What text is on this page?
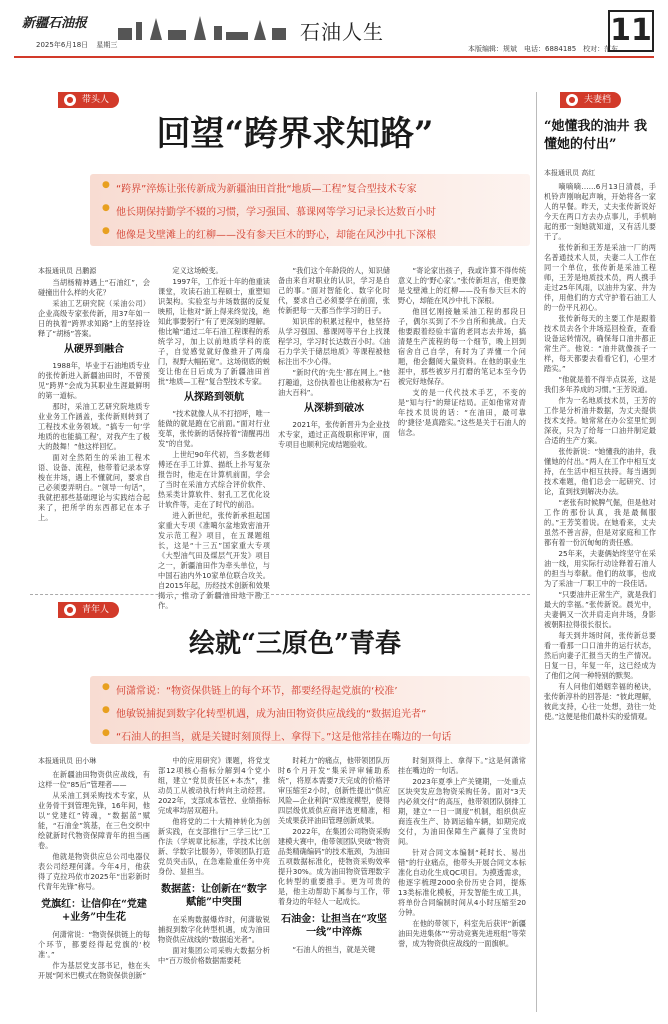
新疆石油报
2025年6月18日 星期三
石油人生
本版编辑：规斌　电话：6884185　校对：范东
11
● 带头人
回望“跨界求知路”
● “跨界”淬炼让张传新成为新疆油田首批“地质—工程”复合型技术专家
● 他长期保持勤学不辍的习惯，学习强国、慕课网等学习记录长达数百小时
● 他像是戈壁滩上的红柳——没有参天巨木的野心，却能在风沙中扎下深根
本报通讯员 吕鹏源

当胡杨精神遇上“石油红”，会碰撞出什么样的火花？

采油工艺研究院（采油公司）企业高级专家张传新，用37年如一日的执着“跨界求知路”上的坚持诠释了“胡杨”答案。

从硬界到融合

1988年，毕业于石油地质专业的张传新进入新疆油田时，不曾预见“跨界”会成为其职业生涯最鲜明的第一道标。

那时，采油工艺研究院地质专业业务工作涵盖，张传新则转到了工程技术业务领域。“搞专一句‘学地质的也能搞工程’，对我产生了极大的鼓舞！”他这样回忆。

面对全然陌生的采油工程术语、设备、流程，他带着记录本穿梭在井场，遇上不懂就问，要求自己必须要弄明白。“领导一句话”，我就把那些基础理论与实践结合起来了，把所学的东西都记在本子上。

定义这场蜕变。

1997年，工作近十年的他重读课堂，攻读石油工程硕士，重塑知识架构。实验室与井场数据的反复映照，让他对“新上得来终觉浅，绝知此事要躬行”有了更深刻的理解。他比喻“通过二年石油工程课程的系统学习，加上以前地质学科的底子，自觉感觉就好像推开了两扇门，视野大幅拓宽”。这场彻底的蜕变让他在日后成为了新疆油田首批“地质—工程”复合型技术专家。

从探路到领航

“技术就像人从不打招呼，唯一能做的就是跑在它前面。”面对行业变革，张传新的话保持着“清醒再出发”的自觉。

上世纪90年代初，当多数老师傅还在手工计算、描纸上扑写复杂报告时，他走在计算机前面，学会了当时在采油方式综合评价软件、热采类计算软件、射孔工艺优化设计软件等，走在了时代的前沿。

进入新世纪，张传新承担起国家重大专项《准噶尔盆地致密油开发示范工程》项目，在五课题组长，这是“十三五”国家重大专项《大型油气田及煤层气开发》项目之一，新疆油田作为牵头单位，与中国石油内外10家单位联合攻关。自2015年起，历经技术创新和效果揭示，推动了新疆油田地下勘工作。

“我们这个年龄段的人，知识储备由来自对职业的认识，学习是自己的事。”面对智能化、数字化时代，要求自己必须要学在前面，张传新把每一天都当作学习的日子。

知识库的积累过程中，他坚持从学习强国、慕课网等平台上找课程学习，学习时长达数百小时。《油石力学关于储层地质》等课程被他标注出不少心得。

“新时代的‘先生’都在网上。”他打趣道，这份执着也让他被称为“石油大百科”。

从深耕到破冰

2021年，张传新晋升为企业技术专家，通过正高级职称评审，面专项目也顺利完成结题验收。

“寄论家出孩子，我或许算不得传统意义上的‘野心家’。”张传新坦言，他更像是戈壁滩上的红柳——没有参天巨木的野心，却能在风沙中扎下深根。

他回忆刚接触采油工程的那段日子，偶尔买到了不少自所和挑战。白天他要跟着经验丰富的老同志去井场，搞清楚生产流程的每一个细节，晚上回到宿舍自己自学，有时为了弄懂一个问题，他会翻阅大量资料。在他的职业生涯中，那些被岁月打磨的笔记本至今仍被完好地保存。

支的是一代代技术手艺，不变的是“知与行”的辩证结局。正如他常对青年技术员说的话：“在油田，最可靠的‘捷径’是真踏实。”这些是关于石油人的信念。

● 青年人
绘就“三原色”青春
● 何潇常说：“物资保供链上的每个环节，都要经得起党旗的‘校准’
● 他敏锐捕捉到数字化转型机遇，成为油田物资供应战线的“数据追光者”
● “石油人的担当，就是关键时刻顶得上、拿得下。”这是他常挂在嘴边的一句话
本报通讯员 田小琳

在新疆油田物资供应战线，有这样一位“85后”管理者——

从采油工到采购技术专家，从业务骨干到管理先锋，16年间，他以“党建红”铸魂，“数据蓝”赋能，“石油金”筑基，在三色交织中绘就新时代物资保障青年的担当画卷。

他就是物资供应总公司电器仪表公司经理何潇。今年4月，他获得了克拉玛依市2025年“出彩新时代青年先锋”称号。

党旗红：让信仰在“党建+业务”中生花

何潇常说：“物资保供链上的每个环节，都要经得起党旗的‘校准’。”

作为基层党支部书记，他在头开展“阿米巴模式在物资保供创新”

中的应用研究》课题，将党支部12项核心指标分解到4个党小组，建立“党员责任区+本杰”，推动员工从被动执行转向主动经营。2022年，支部成本管控、业绩指标完成率均居双超升。

他将党的二十大精神转化为创新实践，在支部推行“三学三比”工作法（学规章比标准，学技术比创新、学数字比服务），带领团队打造党员突击队，在急难险重任务中亮身份、显担当。

数据蓝：让创新在“数字赋能”中突围

在采购数据爆炸时，何潇敏锐捕捉到数字化转型机遇，成为油田物资供应战线的“数据追光者”。

面对集团公司采购大数据分析中“百万级价格数据需要耗

时耗力”的痛点，他带领团队历时6个月开发“集采评审辅助系统”，将原本需要7天完成的价格评审压缩至2小时，创新性提出“供应风险—企业利润”双维度模型，使得四层级优质供应商评选更精准，相关成果获评油田管理创新成果。

2022年，在集团公司物资采购建模大赛中，他带领团队突破“物资品类精确编码”的技术瓶颈，为油田五项数据标准化，使物资采购效率提升30%。成为油田物资管理数字化转型的重要推手。更为可贵的是，他主动帮助下属参与工作，带着身边的年轻人一起成长。

石油金：让担当在“攻坚一线”中淬炼

“石油人的担当，就是关键

时刻顶得上、拿得下。”这是何潇常挂在嘴边的一句话。

2023年夏季上产关键期，一处重点区块突发应急物资采购任务。面对“3天内必须交付”的高压，他带领团队倒排工期，建立“一日一调度”机制，组织供应商连夜生产、协调运输车辆，如期完成交付，为油田保障生产赢得了宝贵时间。

针对合同文本编制“耗时长、易出错”的行业痛点，他带头开展合同文本标准化自动化生成QC项目。为摸透需求，他逐字梳理2000余份历史合同，提炼13类标准化模板，开发智能生成工具，将单份合同编制时间从4小时压缩至20分钟。

在他的带领下，科室先后获评“新疆油田先进集体”“劳动竞赛先进班组”等荣誉，成为物资供应战线的一面旗帜。

● 夫妻档
“她懂我的油井 我懂她的付出”
本报通讯员 高红

嘀嘀嘀……6月13日清晨，手机铃声刚响起声响，开始将各一家人的早餐。昨天，丈夫张传新说好今天在两口方去办点事儿，手机响起的那一刻她就知道，又有活儿要干了。

张传新和王芳是采油一厂的两名普通技术人员，夫妻二人工作在同一个单位，张传新是采油工程师，王芳是地质技术员，两人携手走过25年风雨，以油井为家、井为伴，用他们的方式守护着石油工人的一份平凡初心。

张传新每天的主要工作是跟着技术员去各个井场巡回检查，查看设备运转情况，确保每口油井都正常生产。他说：“油井就像孩子一样，每天都要去看看它们，心里才踏实。”

“他就是着不得半点误差，这是我们多年养成的习惯。”王芳说道。

作为一名地质技术员，王芳的工作是分析油井数据，为丈夫提供技术支持。她常常在办公室里忙到深夜，只为了给每一口油井制定最合适的生产方案。

张传新说：“她懂我的油井，我懂她的付出。”两人在工作中相互支持，在生活中相互扶持。每当遇到技术难题，他们总会一起研究、讨论，直到找到解决办法。

“老张有时候脾气倔，但是他对工作的那份认真，我是最佩服的。”王芳笑着说。在她看来，丈夫虽然不善言辞，但是对家庭和工作都有着一份沉甸甸的责任感。

25年来，夫妻俩始终坚守在采油一线，用实际行动诠释着石油人的担当与奉献。他们的故事，也成为了采油一厂职工中的一段佳话。

“只要油井正常生产，就是我们最大的幸福。”张传新说。晨光中，夫妻俩又一次并肩走向井场，身影被朝阳拉得很长很长。

每天到井场时间，张传新总要看一看那一口口油井的运行状态，然后向妻子汇报当天的生产情况。日复一日，年复一年，这已经成为了他们之间一种特别的默契。

有人问他们婚姻幸福的秘诀，张传新淳朴的回答是：“彼此理解，彼此支持，心往一处想，劲往一处使。”这便是他们最朴实的爱情观。
